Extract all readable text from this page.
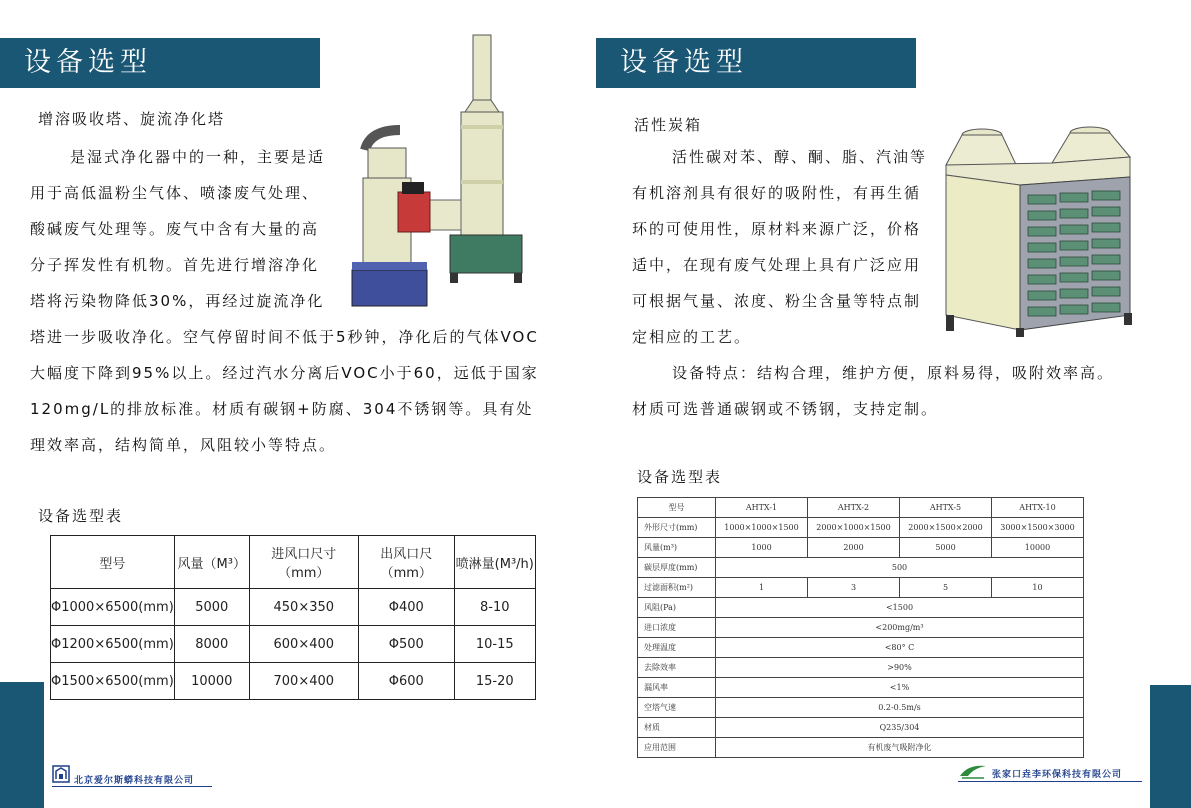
设备选型
增溶吸收塔、旋流净化塔
是湿式净化器中的一种，主要是适
用于高低温粉尘气体、喷漆废气处理、
酸碱废气处理等。废气中含有大量的高
分子挥发性有机物。首先进行增溶净化
塔将污染物降低30%，再经过旋流净化
塔进一步吸收净化。空气停留时间不低于5秒钟，净化后的气体VOC
大幅度下降到95%以上。经过汽水分离后VOC小于60，远低于国家
120mg/L的排放标准。材质有碳钢+防腐、304不锈钢等。具有处
理效率高，结构简单，风阻较小等特点。
设备选型表
型号	风量（M³）	进风口尺寸（mm）	出风口尺（mm）	喷淋量(M³/h)
Φ1000×6500(mm)	5000	450×350	Φ400	8-10
Φ1200×6500(mm)	8000	600×400	Φ500	10-15
Φ1500×6500(mm)	10000	700×400	Φ600	15-20
北京爱尔斯蟒科技有限公司
设备选型
活性炭箱
活性碳对苯、醇、酮、脂、汽油等
有机溶剂具有很好的吸附性，有再生循
环的可使用性，原材料来源广泛，价格
适中，在现有废气处理上具有广泛应用
可根据气量、浓度、粉尘含量等特点制
定相应的工艺。
设备特点：结构合理，维护方便，原料易得，吸附效率高。
材质可选普通碳钢或不锈钢，支持定制。
设备选型表
型号	AHTX-1	AHTX-2	AHTX-5	AHTX-10
外形尺寸(mm)	1000×1000×1500	2000×1000×1500	2000×1500×2000	3000×1500×3000
风量(m³)	1000	2000	5000	10000
碳层厚度(mm)	500			
过滤面积(m²)	1	3	5	10
风阻(Pa)	<1500			
进口浓度	<200mg/m³			
处理温度	<80° C			
去除效率	>90%			
漏风率	<1%			
空塔气速	0.2-0.5m/s			
材质	Q235/304			
应用范围	有机废气吸附净化			
张家口垚李环保科技有限公司
